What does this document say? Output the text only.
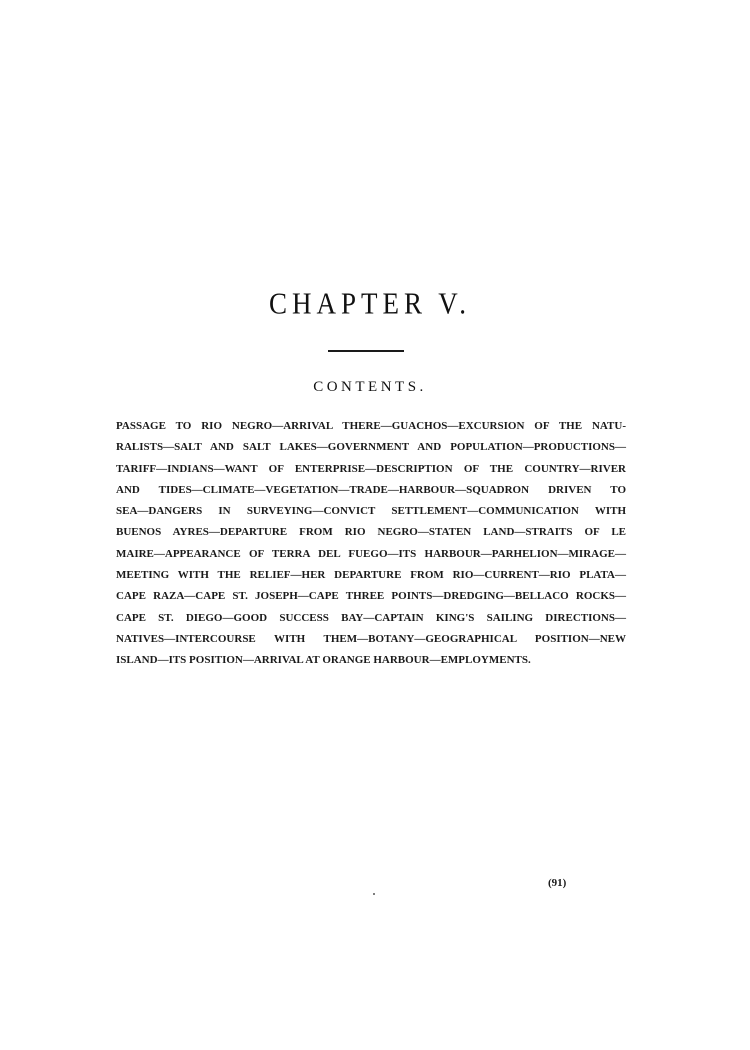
CHAPTER V.
CONTENTS.
PASSAGE TO RIO NEGRO—ARRIVAL THERE—GUACHOS—EXCURSION OF THE NATU-
RALISTS—SALT AND SALT LAKES—GOVERNMENT AND POPULATION—PRODUCTIONS—
TARIFF—INDIANS—WANT OF ENTERPRISE—DESCRIPTION OF THE COUNTRY—RIVER
AND TIDES—CLIMATE—VEGETATION—TRADE—HARBOUR—SQUADRON DRIVEN TO
SEA—DANGERS IN SURVEYING—CONVICT SETTLEMENT—COMMUNICATION WITH
BUENOS AYRES—DEPARTURE FROM RIO NEGRO—STATEN LAND—STRAITS OF LE
MAIRE—APPEARANCE OF TERRA DEL FUEGO—ITS HARBOUR—PARHELION—MIRAGE—
MEETING WITH THE RELIEF—HER DEPARTURE FROM RIO—CURRENT—RIO PLATA—
CAPE RAZA—CAPE ST. JOSEPH—CAPE THREE POINTS—DREDGING—BELLACO ROCKS—
CAPE ST. DIEGO—GOOD SUCCESS BAY—CAPTAIN KING'S SAILING DIRECTIONS—
NATIVES—INTERCOURSE WITH THEM—BOTANY—GEOGRAPHICAL POSITION—NEW
ISLAND—ITS POSITION—ARRIVAL AT ORANGE HARBOUR—EMPLOYMENTS.
(91)
